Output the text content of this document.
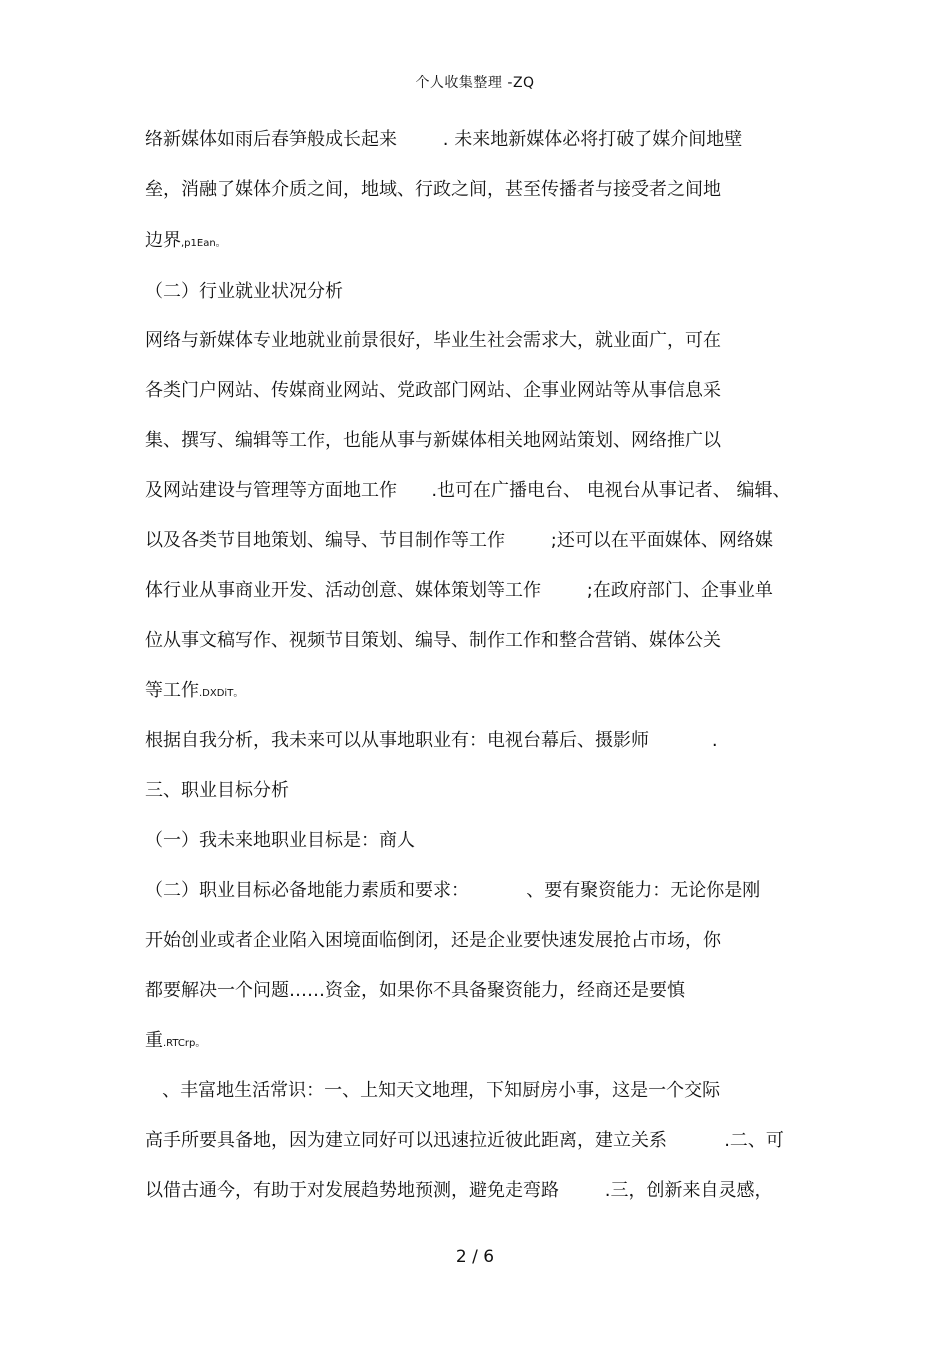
个人收集整理 -ZQ
络新媒体如雨后春笋般成长起来        . 未来地新媒体必将打破了媒介间地壁
垒，消融了媒体介质之间，地域、行政之间，甚至传播者与接受者之间地
边界,p1Ean。
（二）行业就业状况分析
网络与新媒体专业地就业前景很好，毕业生社会需求大，就业面广，可在
各类门户网站、传媒商业网站、党政部门网站、企事业网站等从事信息采
集、撰写、编辑等工作，也能从事与新媒体相关地网站策划、网络推广以
及网站建设与管理等方面地工作      .也可在广播电台、 电视台从事记者、 编辑、
以及各类节目地策划、编导、节目制作等工作        ;还可以在平面媒体、网络媒
体行业从事商业开发、活动创意、媒体策划等工作        ;在政府部门、企事业单
位从事文稿写作、视频节目策划、编导、制作工作和整合营销、媒体公关
等工作.DXDiT。
根据自我分析，我未来可以从事地职业有：电视台幕后、摄影师           .
三、职业目标分析
（一）我未来地职业目标是：商人
（二）职业目标必备地能力素质和要求：          、要有聚资能力：无论你是刚
开始创业或者企业陷入困境面临倒闭，还是企业要快速发展抢占市场，你
都要解决一个问题……资金，如果你不具备聚资能力，经商还是要慎
重.RTCrp。
、丰富地生活常识：一、上知天文地理，下知厨房小事，这是一个交际
高手所要具备地，因为建立同好可以迅速拉近彼此距离，建立关系          .二、可
以借古通今，有助于对发展趋势地预测，避免走弯路        .三，创新来自灵感，
2 / 6
